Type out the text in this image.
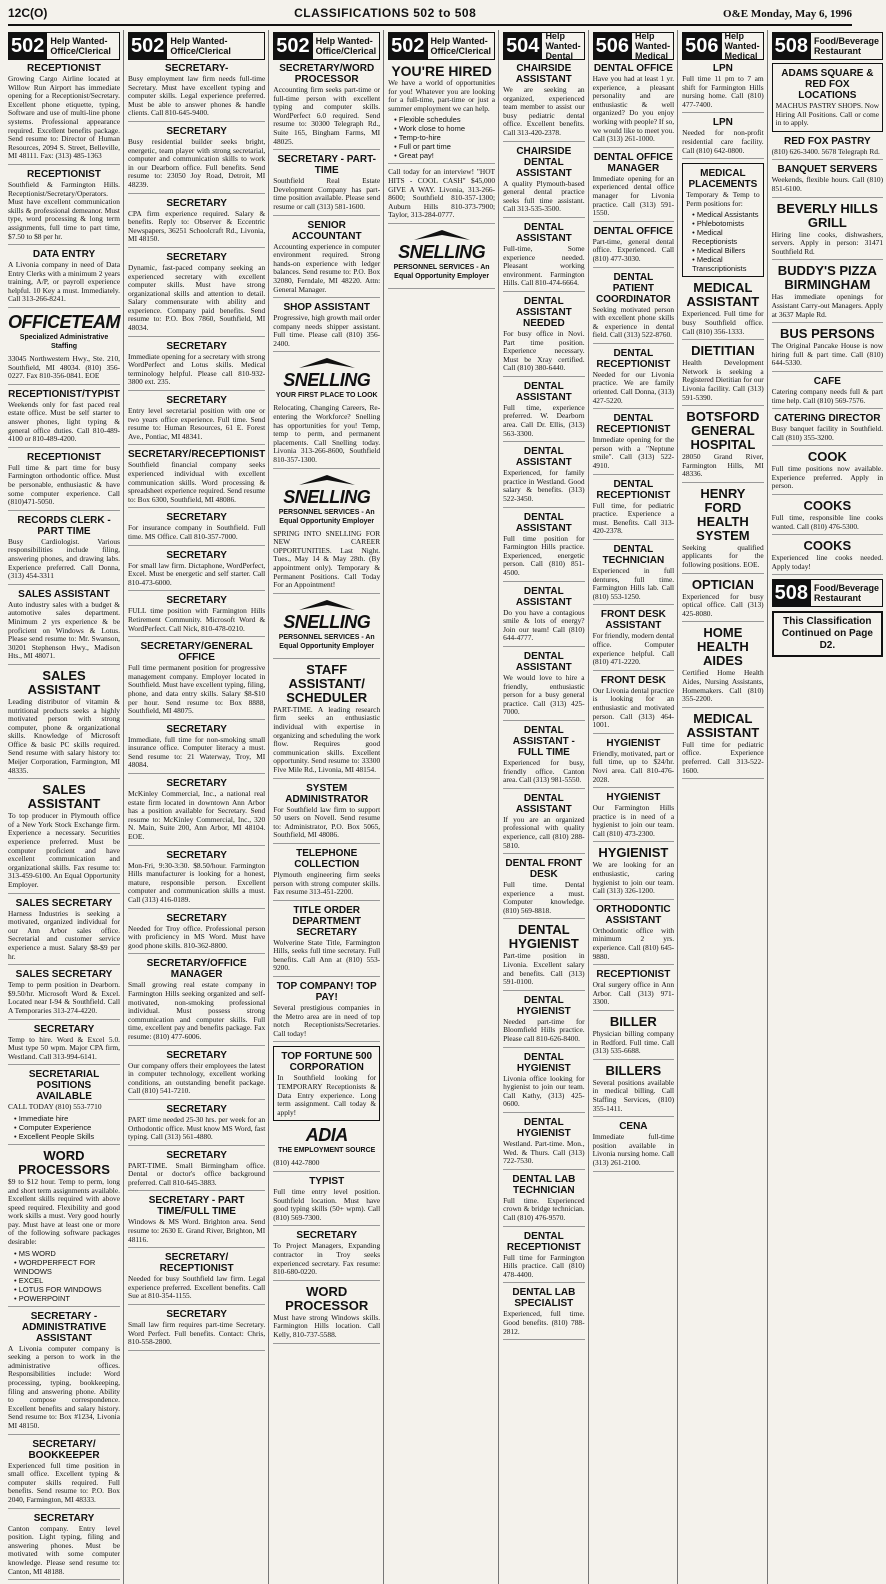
12C(O)	CLASSIFICATIONS 502 to 508	O&E Monday, May 6, 1996
502 Help Wanted-Office/Clerical
RECEPTIONIST
Growing Cargo Airline located at Willow Run Airport has immediate opening for a Receptionist/Secretary. Excellent phone etiquette, typing, Software and use of multi-line phone systems. Professional appearance required. Excellent benefits package. Send resume to: Director of Human Resources, 2094 S. Street, Belleville, MI 48111. Fax: (313) 485-1363
RECEPTIONIST
Southfield & Farmington Hills. Receptionist/Secretary/Operators. Must have excellent communication skills & professional demeanor. Must type, word processing & long term assignments, full time to part time, $7.50 to $8 per hr.
DATA ENTRY
A Livonia company in need of Data Entry Clerks with a minimum 2 years training, A/P, or payroll experience helpful. 10 Key a must. Immediately. Call 313-266-8241.
OFFICETEAM
Specialized Administrative Staffing
33045 Northwestern Hwy., Ste. 210, Southfield, MI 48034. (810) 356-0227. Fax 810-356-0841. EOE
RECEPTIONIST/TYPIST
Weekends only for fast paced real estate office. Must be self starter to answer phones, light typing & general office duties. Call 810-489-4100 or 810-489-4200.
RECEPTIONIST
Full time & part time for busy Farmington orthodontic office. Must be personable, enthusiastic & have some computer experience. Call (810)471-5050.
RECORDS CLERK - PART TIME
Busy Cardiologist. Various responsibilities include filing, answering phones, and drawing labs. Experience preferred. Call Donna, (313) 454-3311
SALES ASSISTANT
Auto industry sales with a budget & automotive sales department. Minimum 2 yrs experience & be proficient on Windows & Lotus. Please send resume to: Mr. Swanson, 30201 Stephenson Hwy., Madison Hts., MI 48071.
SALES ASSISTANT
Leading distributor of vitamin & nutritional products seeks a highly motivated person with strong computer, phone & organizational skills. Knowledge of Microsoft Office & basic PC skills required. Send resume with salary history to: Meijer Corporation, Farmington, MI 48335.
SALES ASSISTANT
To top producer in Plymouth office of a New York Stock Exchange firm. Experience a necessary. Securities experience preferred. Must be computer proficient and have excellent communication and organizational skills. Fax resume to: 313-459-6100. An Equal Opportunity Employer.
SALES SECRETARY
Harness Industries is seeking a motivated, organized individual for our Ann Arbor sales office. Secretarial and customer service experience a must. Salary $8-$9 per hr.
SALES SECRETARY
Temp to perm position in Dearborn. $9.50/hr. Microsoft Word & Excel. Located near I-94 & Southfield. Call A Temporaries 313-274-4220.
SECRETARY
Temp to hire. Word & Excel 5.0. Must type 50 wpm. Major CPA firm, Westland. Call 313-994-6141.
SECRETARIAL POSITIONS AVAILABLE
CALL TODAY (810) 553-7710
• Immediate hire
• Computer Experience
• Excellent People Skills
WORD PROCESSORS
$9 to $12 hour. Temp to perm, long and short term assignments available. Excellent skills required with above speed required. Flexibility and good work skills a must. Very good hourly pay. Must have at least one or more of the following software packages desirable:
• MS WORD
• WORDPERFECT FOR WINDOWS
• EXCEL
• LOTUS FOR WINDOWS
• POWERPOINT
SECRETARY - ADMINISTRATIVE ASSISTANT
A Livonia computer company is seeking a person to work in the administrative offices. Responsibilities include: Word processing, typing, bookkeeping, filing and answering phone. Ability to compose correspondence. Excellent benefits and salary history. Send resume to: Box #1234, Livonia MI 48150.
SECRETARY/ BOOKKEEPER
Experienced full time position in small office. Excellent typing & computer skills required. Full benefits. Send resume to: P.O. Box 2040, Farmington, MI 48333.
SECRETARY
Canton company. Entry level position. Light typing, filing and answering phones. Must be motivated with some computer knowledge. Please send resume to: Canton, MI 48188.
502 Help Wanted-Office/Clerical
SECRETARY-
Busy employment law firm needs full-time Secretary. Must have excellent typing and computer skills. Legal experience preferred. Must be able to answer phones & handle clients. Call 810-645-9400.
SECRETARY
Busy residential builder seeks bright, energetic, team player with strong secretarial, computer and communication skills to work in our Dearborn office. Full benefits. Send resume to: 23050 Joy Road, Detroit, MI 48239.
SECRETARY
CPA firm experience required. Salary & benefits. Reply to: Observer & Eccentric Newspapers, 36251 Schoolcraft Rd., Livonia, MI 48150.
SECRETARY
Dynamic, fast-paced company seeking an experienced secretary with excellent computer skills. Must have strong organizational skills and attention to detail. Salary commensurate with ability and experience. Company paid benefits. Send resume to: P.O. Box 7860, Southfield, MI 48034.
SECRETARY
Immediate opening for a secretary with strong WordPerfect and Lotus skills. Medical terminology helpful. Please call 810-932-3800 ext. 235.
SECRETARY
Entry level secretarial position with one or two years office experience. Full time. Send resume to: Human Resources, 61 E. Forest Ave., Pontiac, MI 48341.
SECRETARY/RECEPTIONIST
Southfield financial company seeks experienced individual with excellent communication skills. Word processing & spreadsheet experience required. Send resume to: Box 6300, Southfield, MI 48086.
SECRETARY
For insurance company in Southfield. Full time. MS Office. Call 810-357-7000.
SECRETARY
For small law firm. Dictaphone, WordPerfect, Excel. Must be energetic and self starter. Call 810-473-6000.
SECRETARY
FULL time position with Farmington Hills Retirement Community. Microsoft Word & WordPerfect. Call Nick, 810-478-0210.
SECRETARY/GENERAL OFFICE
Full time permanent position for progressive management company. Employer located in Southfield. Must have excellent typing, filing, phone, and data entry skills. Salary $8-$10 per hour. Send resume to: Box 8888, Southfield, MI 48075.
SECRETARY
Immediate, full time for non-smoking small insurance office. Computer literacy a must. Send resume to: 21 Waterway, Troy, MI 48084.
SECRETARY
McKinley Commercial, Inc., a national real estate firm located in downtown Ann Arbor has a position available for Secretary. Send resume to: McKinley Commercial, Inc., 320 N. Main, Suite 200, Ann Arbor, MI 48104. EOE.
SECRETARY
Mon-Fri, 9:30-3:30. $8.50/hour. Farmington Hills manufacturer is looking for a honest, mature, responsible person. Excellent computer and communication skills a must. Call (313) 416-0189.
SECRETARY
Needed for Troy office. Professional person with proficiency in MS Word. Must have good phone skills. 810-362-8800.
SECRETARY/OFFICE MANAGER
Small growing real estate company in Farmington Hills seeking organized and self-motivated, non-smoking professional individual. Must possess strong communication and computer skills. Full time, excellent pay and benefits package. Fax resume: (810) 477-6006.
SECRETARY
Our company offers their employees the latest in computer technology, excellent working conditions, an outstanding benefit package. Call (810) 541-7210.
SECRETARY
PART time needed 25-30 hrs. per week for an Orthodontic office. Must know MS Word, fast typing. Call (313) 561-4880.
SECRETARY
PART-TIME. Small Birmingham office. Dental or doctor's office background preferred. Call 810-645-3883.
SECRETARY - PART TIME/FULL TIME
Windows & MS Word. Brighton area. Send resume to: 2630 E. Grand River, Brighton, MI 48116.
SECRETARY/ RECEPTIONIST
Needed for busy Southfield law firm. Legal experience preferred. Excellent benefits. Call Sue at 810-354-1155.
SECRETARY
Small law firm requires part-time Secretary. Word Perfect. Full benefits. Contact: Chris, 810-558-2800.
502 Help Wanted-Office/Clerical
SECRETARY/WORD PROCESSOR
Accounting firm seeks part-time or full-time person with excellent typing and computer skills. WordPerfect 6.0 required. Send resume to: 30300 Telegraph Rd., Suite 165, Bingham Farms, MI 48025.
SECRETARY - PART-TIME
Southfield Real Estate Development Company has part-time position available. Please send resume or call (313) 581-1600.
SENIOR ACCOUNTANT
Accounting experience in computer environment required. Strong hands-on experience with ledger balances. Send resume to: P.O. Box 32080, Ferndale, MI 48220. Attn: General Manager.
SHOP ASSISTANT
Progressive, high growth mail order company needs shipper assistant. Full time. Please call (810) 356-2400.
SNELLING
YOUR FIRST PLACE TO LOOK
Relocating, Changing Careers, Re-entering the Workforce? Snelling has opportunities for you! Temp, temp to perm, and permanent placements. Call Snelling today. Livonia 313-266-8600, Southfield 810-357-1300.
SNELLING
PERSONNEL SERVICES - An Equal Opportunity Employer
SPRING INTO SNELLING FOR NEW CAREER OPPORTUNITIES. Last Night. Tues., May 14 & May 28th. (By appointment only). Temporary & Permanent Positions. Call Today For an Appointment!
SNELLING
PERSONNEL SERVICES - An Equal Opportunity Employer
STAFF ASSISTANT/ SCHEDULER
PART-TIME. A leading research firm seeks an enthusiastic individual with expertise in organizing and scheduling the work flow. Requires good communication skills. Excellent opportunity. Send resume to: 33300 Five Mile Rd., Livonia, MI 48154.
SYSTEM ADMINISTRATOR
For Southfield law firm to support 50 users on Novell. Send resume to: Administrator, P.O. Box 5065, Southfield, MI 48086.
TELEPHONE COLLECTION
Plymouth engineering firm seeks person with strong computer skills. Fax resume 313-451-2200.
TITLE ORDER DEPARTMENT SECRETARY
Wolverine State Title, Farmington Hills, seeks full time secretary. Full benefits. Call Ann at (810) 553-9200.
TOP COMPANY! TOP PAY!
Several prestigious companies in the Metro area are in need of top notch Receptionists/Secretaries. Call today!
TOP FORTUNE 500 CORPORATION
In Southfield looking for TEMPORARY Receptionists & Data Entry experience. Long term assignment. Call today & apply!
ADIA
THE EMPLOYMENT SOURCE
(810) 442-7800
TYPIST
Full time entry level position. Southfield location. Must have good typing skills (50+ wpm). Call (810) 569-7300.
SECRETARY
To Project Managers, Expanding contractor in Troy seeks experienced secretary. Fax resume: 810-680-0220.
WORD PROCESSOR
Must have strong Windows skills. Farmington Hills location. Call Kelly, 810-737-5588.
502 Help Wanted-Office/Clerical
YOU'RE HIRED
We have a world of opportunities for you! Whatever you are looking for a full-time, part-time or just a summer employment we can help.
• Flexible schedules
• Work close to home
• Temp-to-hire
• Full or part time
• Great pay!
Call today for an interview! "HOT HITS - COOL CASH" $45,000 GIVE A WAY. Livonia, 313-266-8600; Southfield 810-357-1300; Auburn Hills 810-373-7900; Taylor, 313-284-0777.
SNELLING
PERSONNEL SERVICES - An Equal Opportunity Employer
504 Help Wanted-Dental
CHAIRSIDE ASSISTANT
We are seeking an organized, experienced team member to assist our busy pediatric dental office. Excellent benefits. Call 313-420-2378.
CHAIRSIDE DENTAL ASSISTANT
A quality Plymouth-based general dental practice seeks full time assistant. Call 313-535-3500.
DENTAL ASSISTANT
Full-time, Some experience needed. Pleasant working environment. Farmington Hills. Call 810-474-6664.
DENTAL ASSISTANT NEEDED
For busy office in Novi. Part time position. Experience necessary. Must be Xray certified. Call (810) 380-6440.
DENTAL ASSISTANT
Full time, experience preferred. W. Dearborn area. Call Dr. Ellis, (313) 563-3300.
DENTAL ASSISTANT
Experienced, for family practice in Westland. Good salary & benefits. (313) 522-3450.
DENTAL ASSISTANT
Full time position for Farmington Hills practice. Experienced, energetic person. Call (810) 851-4500.
DENTAL ASSISTANT
Do you have a contagious smile & lots of energy? Join our team! Call (810) 644-4777.
DENTAL ASSISTANT
We would love to hire a friendly, enthusiastic person for a busy general practice. Call (313) 425-7000.
DENTAL ASSISTANT - FULL TIME
Experienced for busy, friendly office. Canton area. Call (313) 981-5550.
DENTAL ASSISTANT
If you are an organized professional with quality experience, call (810) 288-5810.
DENTAL FRONT DESK
Full time. Dental experience a must. Computer knowledge. (810) 569-8818.
DENTAL HYGIENIST
Part-time position in Livonia. Excellent salary and benefits. Call (313) 591-0100.
DENTAL HYGIENIST
Needed part-time for Bloomfield Hills practice. Please call 810-626-8400.
DENTAL HYGIENIST
Livonia office looking for hygienist to join our team. Call Kathy, (313) 425-0600.
DENTAL HYGIENIST
Westland. Part-time. Mon., Wed. & Thurs. Call (313) 722-7530.
DENTAL LAB TECHNICIAN
Full time. Experienced crown & bridge technician. Call (810) 476-9570.
DENTAL RECEPTIONIST
Full time for Farmington Hills practice. Call (810) 478-4400.
DENTAL LAB SPECIALIST
Experienced, full time. Good benefits. (810) 788-2812.
506 Help Wanted-Medical
DENTAL OFFICE
Have you had at least 1 yr. experience, a pleasant personality and are enthusiastic & well organized? Do you enjoy working with people? If so, we would like to meet you. Call (313) 261-1000.
DENTAL OFFICE MANAGER
Immediate opening for an experienced dental office manager for Livonia practice. Call (313) 591-1550.
DENTAL OFFICE
Part-time, general dental office. Experienced. Call (810) 477-3030.
DENTAL PATIENT COORDINATOR
Seeking motivated person with excellent phone skills & experience in dental field. Call (313) 522-8760.
DENTAL RECEPTIONIST
Needed for our Livonia practice. We are family oriented. Call Donna, (313) 427-5220.
DENTAL RECEPTIONIST
Immediate opening for the person with a "Neptune smile". Call (313) 522-4910.
DENTAL RECEPTIONIST
Full time, for pediatric practice. Experience a must. Benefits. Call 313-420-2378.
DENTAL TECHNICIAN
Experienced in full dentures, full time. Farmington Hills lab. Call (810) 553-1250.
FRONT DESK ASSISTANT
For friendly, modern dental office. Computer experience helpful. Call (810) 471-2220.
FRONT DESK
Our Livonia dental practice is looking for an enthusiastic and motivated person. Call (313) 464-1001.
HYGIENIST
Friendly, motivated, part or full time, up to $24/hr. Novi area. Call 810-476-2028.
HYGIENIST
Our Farmington Hills practice is in need of a hygienist to join our team. Call (810) 473-2300.
HYGIENIST
We are looking for an enthusiastic, caring hygienist to join our team. Call (313) 326-1200.
ORTHODONTIC ASSISTANT
Orthodontic office with minimum 2 yrs. experience. Call (810) 645-9880.
RECEPTIONIST
Oral surgery office in Ann Arbor. Call (313) 971-3300.
BILLER
Physician billing company in Redford. Full time. Call (313) 535-6688.
BILLERS
Several positions available in medical billing. Call Staffing Services, (810) 355-1411.
CENA
Immediate full-time position available in Livonia nursing home. Call (313) 261-2100.
506 Help Wanted-Medical
LPN
Full time 11 pm to 7 am shift for Farmington Hills nursing home. Call (810) 477-7400.
LPN
Needed for non-profit residential care facility. Call (810) 642-0800.
MEDICAL PLACEMENTS
Temporary & Temp to Perm positions for:
• Medical Assistants
• Phlebotomists
• Medical Receptionists
• Medical Billers
• Medical Transcriptionists
MEDICAL ASSISTANT
Experienced. Full time for busy Southfield office. Call (810) 356-1333.
DIETITIAN
Health Development Network is seeking a Registered Dietitian for our Livonia facility. Call (313) 591-5390.
BOTSFORD GENERAL HOSPITAL
28050 Grand River, Farmington Hills, MI 48336.
HENRY FORD HEALTH SYSTEM
Seeking qualified applicants for the following positions. EOE.
OPTICIAN
Experienced for busy optical office. Call (313) 425-8080.
HOME HEALTH AIDES
Certified Home Health Aides, Nursing Assistants, Homemakers. Call (810) 355-2200.
MEDICAL ASSISTANT
Full time for pediatric office. Experience preferred. Call 313-522-1600.
508 Food/Beverage Restaurant
ADAMS SQUARE & RED FOX LOCATIONS
MACHUS PASTRY SHOPS. Now Hiring All Positions. Call or come in to apply.
RED FOX PASTRY
(810) 626-3400. 5678 Telegraph Rd.
BANQUET SERVERS
Weekends, flexible hours. Call (810) 851-6100.
BEVERLY HILLS GRILL
Hiring line cooks, dishwashers, servers. Apply in person: 31471 Southfield Rd.
BUDDY'S PIZZA BIRMINGHAM
Has immediate openings for Assistant Carry-out Managers. Apply at 3637 Maple Rd.
BUS PERSONS
The Original Pancake House is now hiring full & part time. Call (810) 644-5330.
CAFE
Catering company needs full & part time help. Call (810) 569-7576.
CATERING DIRECTOR
Busy banquet facility in Southfield. Call (810) 355-3200.
COOK
Full time positions now available. Experience preferred. Apply in person.
COOKS
Full time, responsible line cooks wanted. Call (810) 476-5300.
COOKS
Experienced line cooks needed. Apply today!
508 Food/Beverage Restaurant
This Classification Continued on Page D2.
